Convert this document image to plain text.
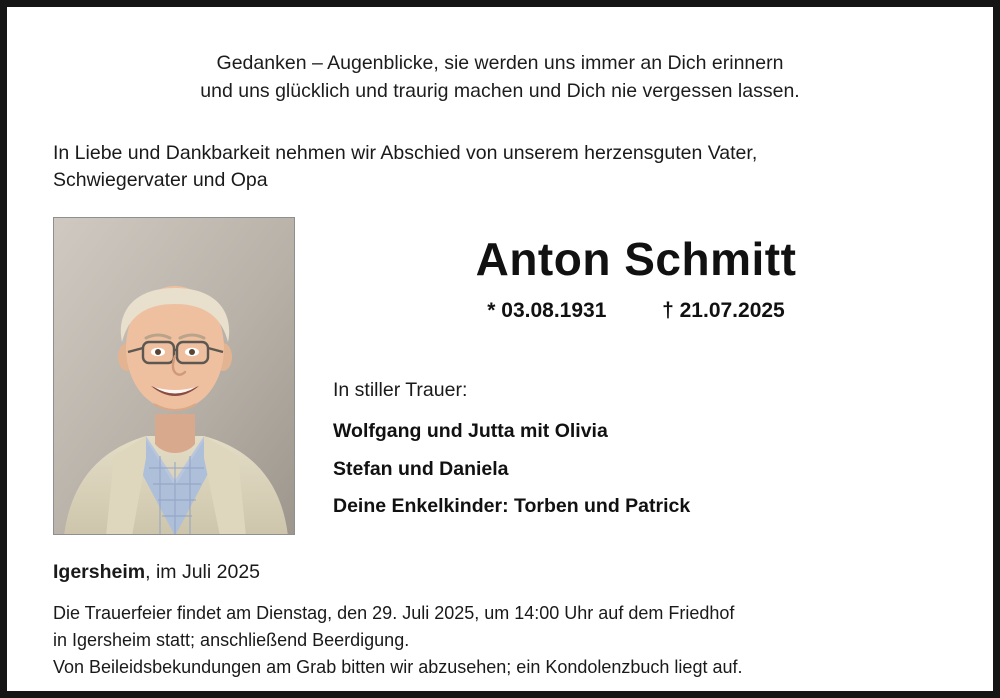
Gedanken – Augenblicke, sie werden uns immer an Dich erinnern
und uns glücklich und traurig machen und Dich nie vergessen lassen.
In Liebe und Dankbarkeit nehmen wir Abschied von unserem herzensguten Vater,
Schwiegervater und Opa
Anton Schmitt
* 03.08.1931	† 21.07.2025
In stiller Trauer:
Wolfgang und Jutta mit Olivia
Stefan und Daniela
Deine Enkelkinder: Torben und Patrick
Igersheim, im Juli 2025
Die Trauerfeier findet am Dienstag, den 29. Juli 2025, um 14:00 Uhr auf dem Friedhof
in Igersheim statt; anschließend Beerdigung.
Von Beileidsbekundungen am Grab bitten wir abzusehen; ein Kondolenzbuch liegt auf.
